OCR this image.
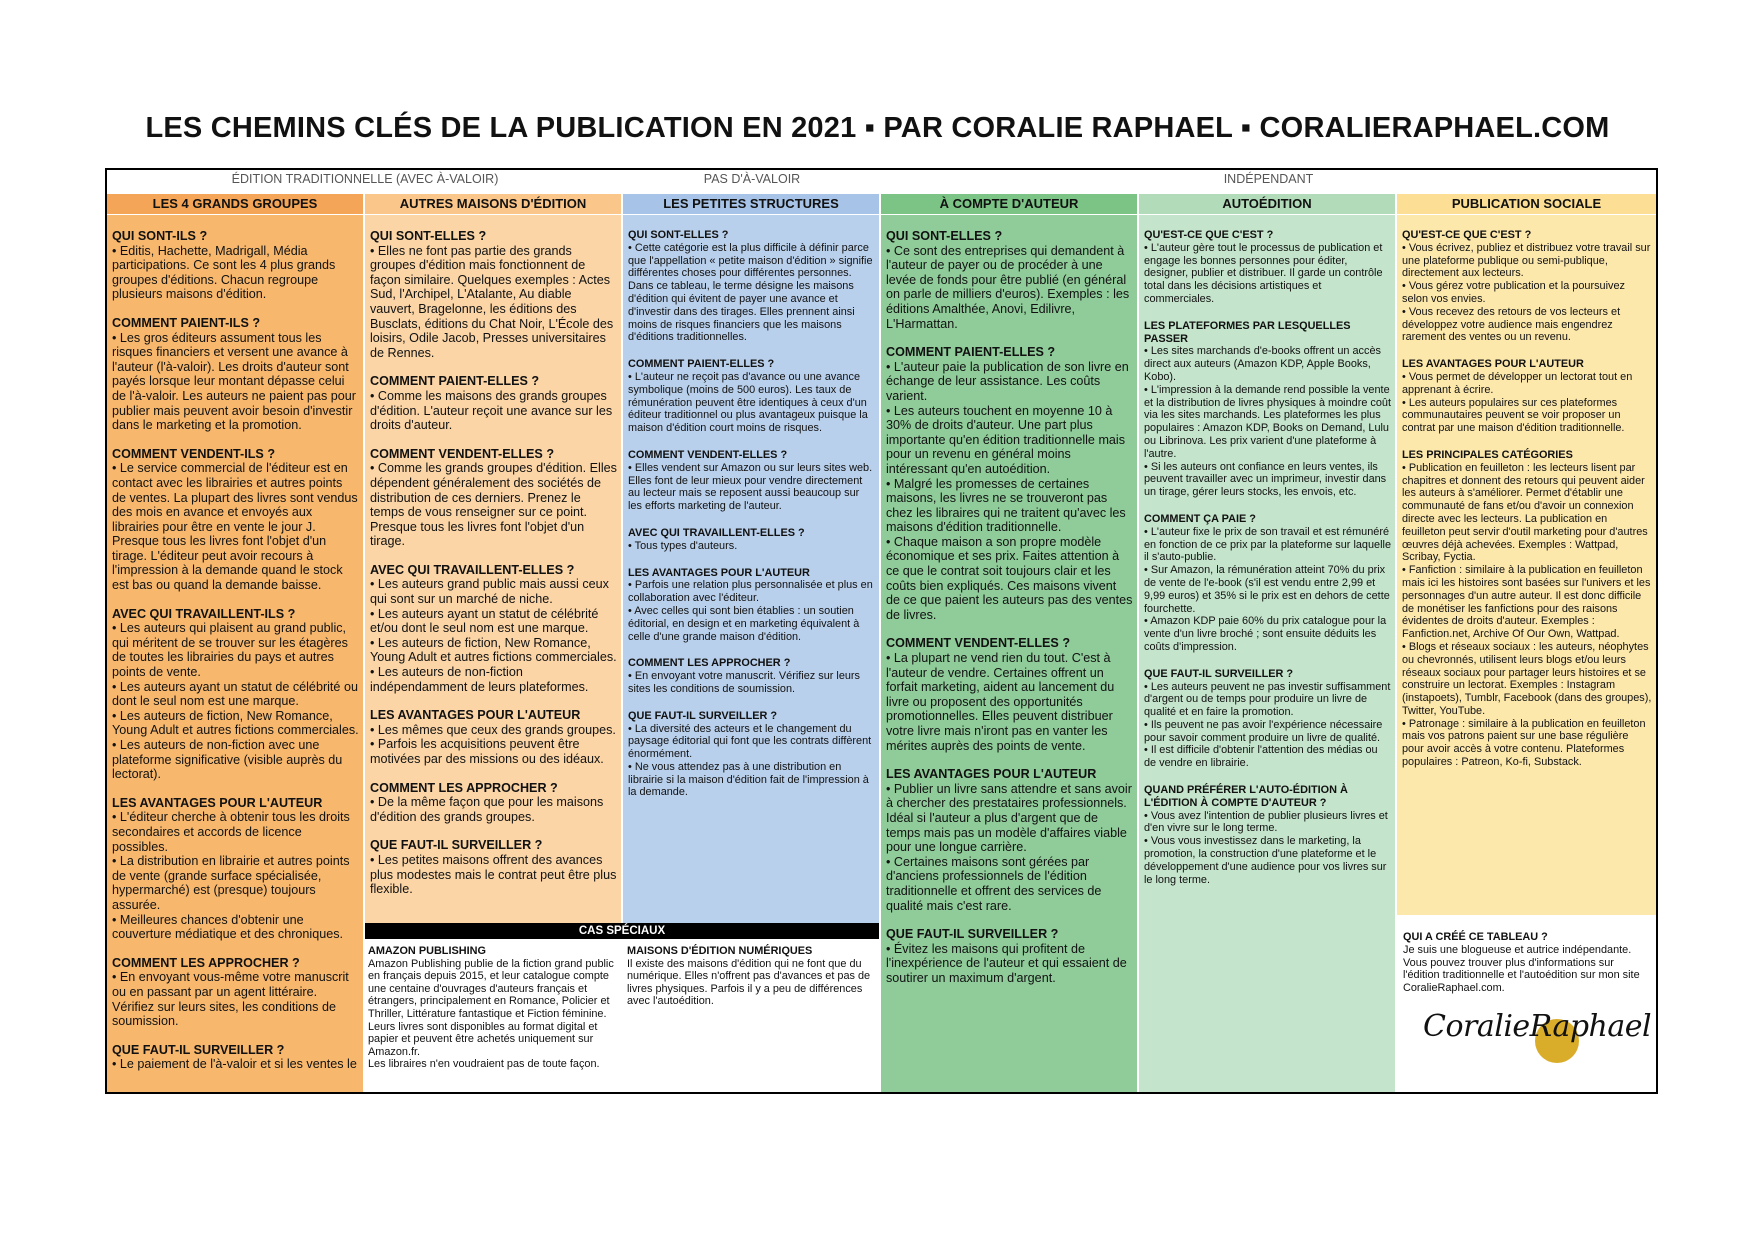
LES CHEMINS CLÉS DE LA PUBLICATION EN 2021 ▪ PAR CORALIE RAPHAEL ▪ CORALIERAPHAEL.COM
ÉDITION TRADITIONNELLE (AVEC À-VALOIR)	PAS D'À-VALOIR	INDÉPENDANT
LES 4 GRANDS GROUPES
QUI SONT-ILS ?
• Editis, Hachette, Madrigall, Média participations. Ce sont les 4 plus grands groupes d'éditions. Chacun regroupe plusieurs maisons d'édition.
COMMENT PAIENT-ILS ?
• Les gros éditeurs assument tous les risques financiers et versent une avance à l'auteur (l'à-valoir). Les droits d'auteur sont payés lorsque leur montant dépasse celui de l'à-valoir. Les auteurs ne paient pas pour publier mais peuvent avoir besoin d'investir dans le marketing et la promotion.
COMMENT VENDENT-ILS ?
• Le service commercial de l'éditeur est en contact avec les librairies et autres points de ventes. La plupart des livres sont vendus des mois en avance et envoyés aux librairies pour être en vente le jour J. Presque tous les livres font l'objet d'un tirage. L'éditeur peut avoir recours à l'impression à la demande quand le stock est bas ou quand la demande baisse.
AVEC QUI TRAVAILLENT-ILS ?
• Les auteurs qui plaisent au grand public, qui méritent de se trouver sur les étagères de toutes les librairies du pays et autres points de vente.
• Les auteurs ayant un statut de célébrité ou dont le seul nom est une marque.
• Les auteurs de fiction, New Romance, Young Adult et autres fictions commerciales.
• Les auteurs de non-fiction avec une plateforme significative (visible auprès du lectorat).
LES AVANTAGES POUR L'AUTEUR
• L'éditeur cherche à obtenir tous les droits secondaires et accords de licence possibles.
• La distribution en librairie et autres points de vente (grande surface spécialisée, hypermarché) est (presque) toujours assurée.
• Meilleures chances d'obtenir une couverture médiatique et des chroniques.
COMMENT LES APPROCHER ?
• En envoyant vous-même votre manuscrit ou en passant par un agent littéraire. Vérifiez sur leurs sites, les conditions de soumission.
QUE FAUT-IL SURVEILLER ?
• Le paiement de l'à-valoir et si les ventes le
AUTRES MAISONS D'ÉDITION
QUI SONT-ELLES ?
• Elles ne font pas partie des grands groupes d'édition mais fonctionnent de façon similaire. Quelques exemples : Actes Sud, l'Archipel, L'Atalante, Au diable vauvert, Bragelonne, les éditions des Busclats, éditions du Chat Noir, L'École des loisirs, Odile Jacob, Presses universitaires de Rennes.
COMMENT PAIENT-ELLES ?
• Comme les maisons des grands groupes d'édition. L'auteur reçoit une avance sur les droits d'auteur.
COMMENT VENDENT-ELLES ?
• Comme les grands groupes d'édition. Elles dépendent généralement des sociétés de distribution de ces derniers. Prenez le temps de vous renseigner sur ce point. Presque tous les livres font l'objet d'un tirage.
AVEC QUI TRAVAILLENT-ELLES ?
• Les auteurs grand public mais aussi ceux qui sont sur un marché de niche.
• Les auteurs ayant un statut de célébrité et/ou dont le seul nom est une marque.
• Les auteurs de fiction, New Romance, Young Adult et autres fictions commerciales.
• Les auteurs de non-fiction indépendamment de leurs plateformes.
LES AVANTAGES POUR L'AUTEUR
• Les mêmes que ceux des grands groupes.
• Parfois les acquisitions peuvent être motivées par des missions ou des idéaux.
COMMENT LES APPROCHER ?
• De la même façon que pour les maisons d'édition des grands groupes.
QUE FAUT-IL SURVEILLER ?
• Les petites maisons offrent des avances plus modestes mais le contrat peut être plus flexible.
LES PETITES STRUCTURES
QUI SONT-ELLES ?
• Cette catégorie est la plus difficile à définir parce que l'appellation « petite maison d'édition » signifie différentes choses pour différentes personnes. Dans ce tableau, le terme désigne les maisons d'édition qui évitent de payer une avance et d'investir dans des tirages. Elles prennent ainsi moins de risques financiers que les maisons d'éditions traditionnelles.
COMMENT PAIENT-ELLES ?
• L'auteur ne reçoit pas d'avance ou une avance symbolique (moins de 500 euros). Les taux de rémunération peuvent être identiques à ceux d'un éditeur traditionnel ou plus avantageux puisque la maison d'édition court moins de risques.
COMMENT VENDENT-ELLES ?
• Elles vendent sur Amazon ou sur leurs sites web. Elles font de leur mieux pour vendre directement au lecteur mais se reposent aussi beaucoup sur les efforts marketing de l'auteur.
AVEC QUI TRAVAILLENT-ELLES ?
• Tous types d'auteurs.
LES AVANTAGES POUR L'AUTEUR
• Parfois une relation plus personnalisée et plus en collaboration avec l'éditeur.
• Avec celles qui sont bien établies : un soutien éditorial, en design et en marketing équivalent à celle d'une grande maison d'édition.
COMMENT LES APPROCHER ?
• En envoyant votre manuscrit. Vérifiez sur leurs sites les conditions de soumission.
QUE FAUT-IL SURVEILLER ?
• La diversité des acteurs et le changement du paysage éditorial qui font que les contrats diffèrent énormément.
• Ne vous attendez pas à une distribution en librairie si la maison d'édition fait de l'impression à la demande.
À COMPTE D'AUTEUR
QUI SONT-ELLES ?
• Ce sont des entreprises qui demandent à l'auteur de payer ou de procéder à une levée de fonds pour être publié (en général on parle de milliers d'euros). Exemples : les éditions Amalthée, Anovi, Edilivre, L'Harmattan.
COMMENT PAIENT-ELLES ?
• L'auteur paie la publication de son livre en échange de leur assistance. Les coûts varient.
• Les auteurs touchent en moyenne 10 à 30% de droits d'auteur. Une part plus importante qu'en édition traditionnelle mais pour un revenu en général moins intéressant qu'en autoédition.
• Malgré les promesses de certaines maisons, les livres ne se trouveront pas chez les libraires qui ne traitent qu'avec les maisons d'édition traditionnelle.
• Chaque maison a son propre modèle économique et ses prix. Faites attention à ce que le contrat soit toujours clair et les coûts bien expliqués. Ces maisons vivent de ce que paient les auteurs pas des ventes de livres.
COMMENT VENDENT-ELLES ?
• La plupart ne vend rien du tout. C'est à l'auteur de vendre. Certaines offrent un forfait marketing, aident au lancement du livre ou proposent des opportunités promotionnelles. Elles peuvent distribuer votre livre mais n'iront pas en vanter les mérites auprès des points de vente.
LES AVANTAGES POUR L'AUTEUR
• Publier un livre sans attendre et sans avoir à chercher des prestataires professionnels. Idéal si l'auteur a plus d'argent que de temps mais pas un modèle d'affaires viable pour une longue carrière.
• Certaines maisons sont gérées par d'anciens professionnels de l'édition traditionnelle et offrent des services de qualité mais c'est rare.
QUE FAUT-IL SURVEILLER ?
• Évitez les maisons qui profitent de l'inexpérience de l'auteur et qui essaient de soutirer un maximum d'argent.
AUTOÉDITION
QU'EST-CE QUE C'EST ?
• L'auteur gère tout le processus de publication et engage les bonnes personnes pour éditer, designer, publier et distribuer. Il garde un contrôle total dans les décisions artistiques et commerciales.
LES PLATEFORMES PAR LESQUELLES PASSER
• Les sites marchands d'e-books offrent un accès direct aux auteurs (Amazon KDP, Apple Books, Kobo).
• L'impression à la demande rend possible la vente et la distribution de livres physiques à moindre coût via les sites marchands. Les plateformes les plus populaires : Amazon KDP, Books on Demand, Lulu ou Librinova. Les prix varient d'une plateforme à l'autre.
• Si les auteurs ont confiance en leurs ventes, ils peuvent travailler avec un imprimeur, investir dans un tirage, gérer leurs stocks, les envois, etc.
COMMENT ÇA PAIE ?
• L'auteur fixe le prix de son travail et est rémunéré en fonction de ce prix par la plateforme sur laquelle il s'auto-publie.
• Sur Amazon, la rémunération atteint 70% du prix de vente de l'e-book (s'il est vendu entre 2,99 et 9,99 euros) et 35% si le prix est en dehors de cette fourchette.
• Amazon KDP paie 60% du prix catalogue pour la vente d'un livre broché ; sont ensuite déduits les coûts d'impression.
QUE FAUT-IL SURVEILLER ?
• Les auteurs peuvent ne pas investir suffisamment d'argent ou de temps pour produire un livre de qualité et en faire la promotion.
• Ils peuvent ne pas avoir l'expérience nécessaire pour savoir comment produire un livre de qualité.
• Il est difficile d'obtenir l'attention des médias ou de vendre en librairie.
QUAND PRÉFÉRER L'AUTO-ÉDITION À L'ÉDITION À COMPTE D'AUTEUR ?
• Vous avez l'intention de publier plusieurs livres et d'en vivre sur le long terme.
• Vous vous investissez dans le marketing, la promotion, la construction d'une plateforme et le développement d'une audience pour vos livres sur le long terme.
PUBLICATION SOCIALE
QU'EST-CE QUE C'EST ?
• Vous écrivez, publiez et distribuez votre travail sur une plateforme publique ou semi-publique, directement aux lecteurs.
• Vous gérez votre publication et la poursuivez selon vos envies.
• Vous recevez des retours de vos lecteurs et développez votre audience mais engendrez rarement des ventes ou un revenu.
LES AVANTAGES POUR L'AUTEUR
• Vous permet de développer un lectorat tout en apprenant à écrire.
• Les auteurs populaires sur ces plateformes communautaires peuvent se voir proposer un contrat par une maison d'édition traditionnelle.
LES PRINCIPALES CATÉGORIES
• Publication en feuilleton : les lecteurs lisent par chapitres et donnent des retours qui peuvent aider les auteurs à s'améliorer. Permet d'établir une communauté de fans et/ou d'avoir un connexion directe avec les lecteurs. La publication en feuilleton peut servir d'outil marketing pour d'autres œuvres déjà achevées. Exemples : Wattpad, Scribay, Fyctia.
• Fanfiction : similaire à la publication en feuilleton mais ici les histoires sont basées sur l'univers et les personnages d'un autre auteur. Il est donc difficile de monétiser les fanfictions pour des raisons évidentes de droits d'auteur. Exemples : Fanfiction.net, Archive Of Our Own, Wattpad.
• Blogs et réseaux sociaux : les auteurs, néophytes ou chevronnés, utilisent leurs blogs et/ou leurs réseaux sociaux pour partager leurs histoires et se construire un lectorat. Exemples : Instagram (instapoets), Tumblr, Facebook (dans des groupes), Twitter, YouTube.
• Patronage : similaire à la publication en feuilleton mais vos patrons paient sur une base régulière pour avoir accès à votre contenu. Plateformes populaires : Patreon, Ko-fi, Substack.
CAS SPÉCIAUX
AMAZON PUBLISHING
Amazon Publishing publie de la fiction grand public en français depuis 2015, et leur catalogue compte une centaine d'ouvrages d'auteurs français et étrangers, principalement en Romance, Policier et Thriller, Littérature fantastique et Fiction féminine. Leurs livres sont disponibles au format digital et papier et peuvent être achetés uniquement sur Amazon.fr.
Les libraires n'en voudraient pas de toute façon.
MAISONS D'ÉDITION NUMÉRIQUES
Il existe des maisons d'édition qui ne font que du numérique. Elles n'offrent pas d'avances et pas de livres physiques. Parfois il y a peu de différences avec l'autoédition.
QUI A CRÉÉ CE TABLEAU ?
Je suis une blogueuse et autrice indépendante. Vous pouvez trouver plus d'informations sur l'édition traditionnelle et l'autoédition sur mon site CoralieRaphael.com.
CoralieRaphael
